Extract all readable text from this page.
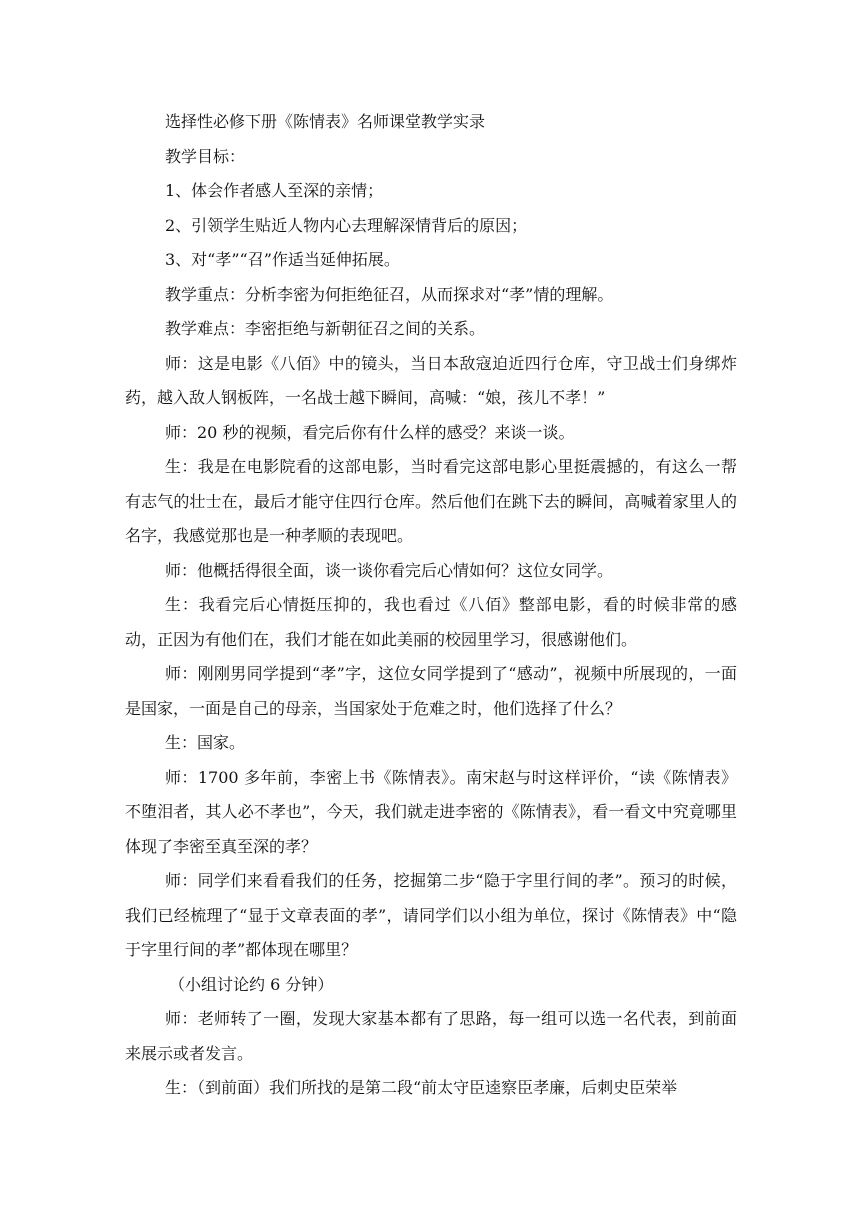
选择性必修下册《陈情表》名师课堂教学实录

教学目标：

1、体会作者感人至深的亲情；

2、引领学生贴近人物内心去理解深情背后的原因；

3、对“孝”“召”作适当延伸拓展。

教学重点：分析李密为何拒绝征召，从而探求对“孝”情的理解。

教学难点：李密拒绝与新朝征召之间的关系。

师：这是电影《八佰》中的镜头，当日本敌寇迫近四行仓库，守卫战士们身绑炸药，越入敌人钢板阵，一名战士越下瞬间，高喊：“娘，孩儿不孝！”

师：20 秒的视频，看完后你有什么样的感受？来谈一谈。

生：我是在电影院看的这部电影，当时看完这部电影心里挺震撼的，有这么一帮有志气的壮士在，最后才能守住四行仓库。然后他们在跳下去的瞬间，高喊着家里人的名字，我感觉那也是一种孝顺的表现吧。

师：他概括得很全面，谈一谈你看完后心情如何？这位女同学。

生：我看完后心情挺压抑的，我也看过《八佰》整部电影，看的时候非常的感动，正因为有他们在，我们才能在如此美丽的校园里学习，很感谢他们。

师：刚刚男同学提到“孝”字，这位女同学提到了“感动”，视频中所展现的，一面是国家，一面是自己的母亲，当国家处于危难之时，他们选择了什么？

生：国家。

师：1700 多年前，李密上书《陈情表》。南宋赵与时这样评价，“读《陈情表》不堕泪者，其人必不孝也”，今天，我们就走进李密的《陈情表》，看一看文中究竟哪里体现了李密至真至深的孝？

师：同学们来看看我们的任务，挖掘第二步“隐于字里行间的孝”。预习的时候，我们已经梳理了“显于文章表面的孝”，请同学们以小组为单位，探讨《陈情表》中“隐于字里行间的孝”都体现在哪里？

（小组讨论约 6 分钟）

师：老师转了一圈，发现大家基本都有了思路，每一组可以选一名代表，到前面来展示或者发言。

生：（到前面）我们所找的是第二段“前太守臣逵察臣孝廉，后刺史臣荣举
